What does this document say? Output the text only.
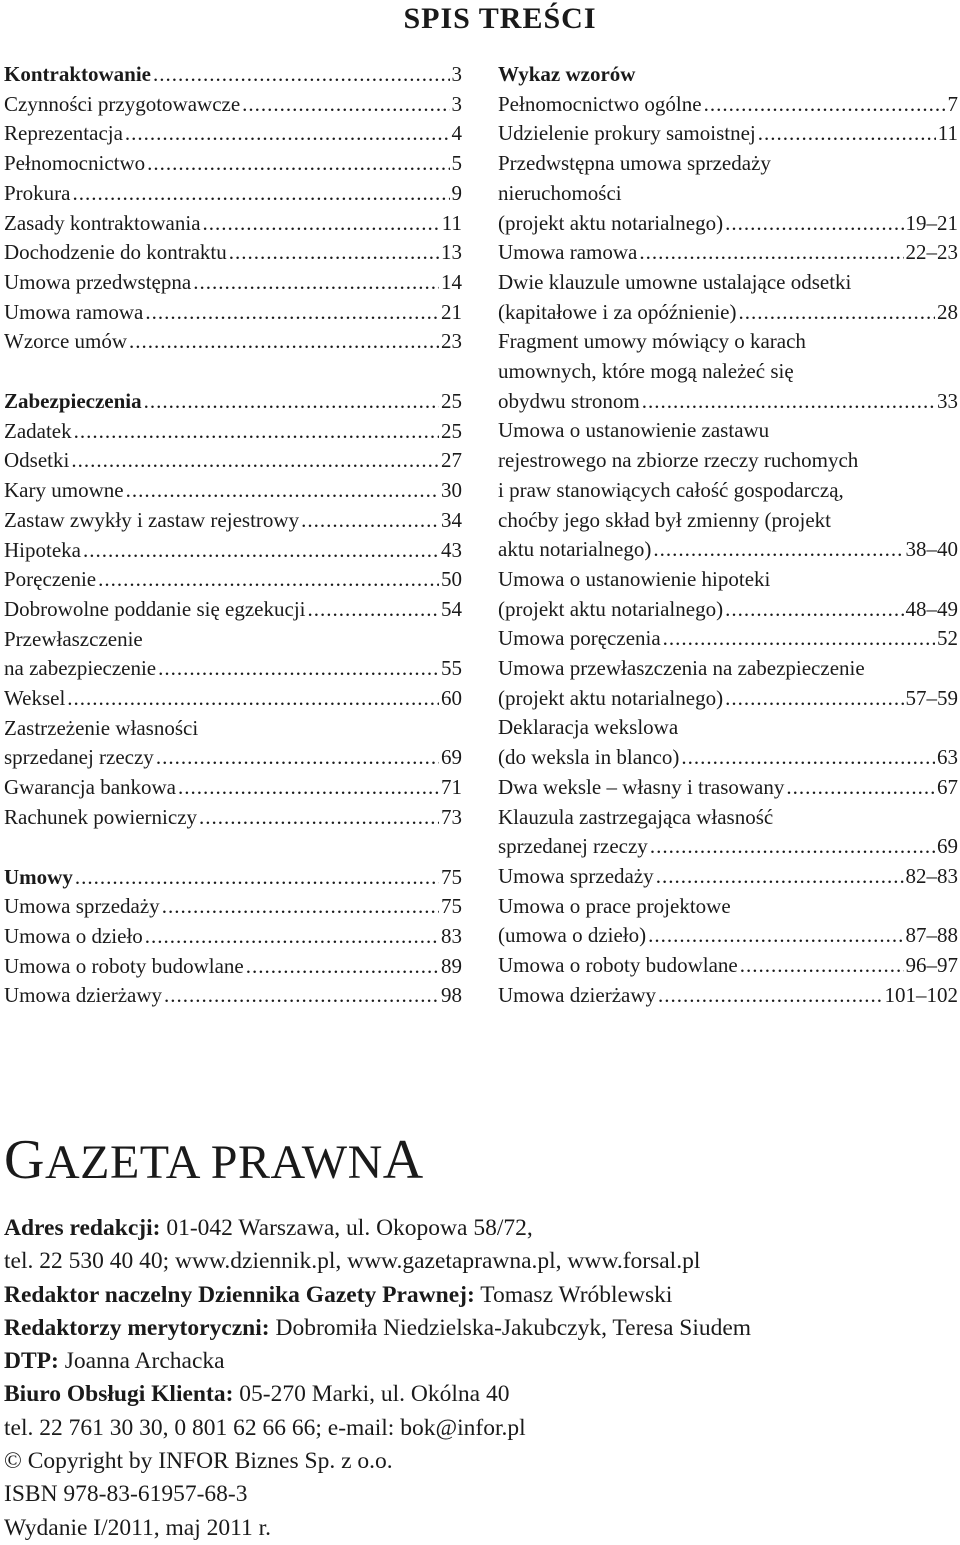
SPIS TREŚCI
Kontraktowanie .....	3
Czynności przygotowawcze .....	3
Reprezentacja .....	4
Pełnomocnictwo .....	5
Prokura .....	9
Zasady kontraktowania .....	11
Dochodzenie do kontraktu .....	13
Umowa przedwstępna .....	14
Umowa ramowa .....	21
Wzorce umów .....	23
Zabezpieczenia .....	25
Zadatek .....	25
Odsetki .....	27
Kary umowne .....	30
Zastaw zwykły i zastaw rejestrowy .....	34
Hipoteka .....	43
Poręczenie .....	50
Dobrowolne poddanie się egzekucji .....	54
Przewłaszczenie
na zabezpieczenie .....	55
Weksel .....	60
Zastrzeżenie własności
sprzedanej rzeczy .....	69
Gwarancja bankowa .....	71
Rachunek powierniczy .....	73
Umowy .....	75
Umowa sprzedaży .....	75
Umowa o dzieło .....	83
Umowa o roboty budowlane .....	89
Umowa dzierżawy .....	98
Wykaz wzorów
Pełnomocnictwo ogólne .....	7
Udzielenie prokury samoistnej .....	11
Przedwstępna umowa sprzedaży
nieruchomości
(projekt aktu notarialnego) .....	19–21
Umowa ramowa .....	22–23
Dwie klauzule umowne ustalające odsetki
(kapitałowe i za opóźnienie) .....	28
Fragment umowy mówiący o karach
umownych, które mogą należeć się
obydwu stronom .....	33
Umowa o ustanowienie zastawu
rejestrowego na zbiorze rzeczy ruchomych
i praw stanowiących całość gospodarczą,
choćby jego skład był zmienny (projekt
aktu notarialnego) .....	38–40
Umowa o ustanowienie hipoteki
(projekt aktu notarialnego) .....	48–49
Umowa poręczenia .....	52
Umowa przewłaszczenia na zabezpieczenie
(projekt aktu notarialnego) .....	57–59
Deklaracja wekslowa
(do weksla in blanco) .....	63
Dwa weksle – własny i trasowany .....	67
Klauzula zastrzegająca własność
sprzedanej rzeczy .....	69
Umowa sprzedaży .....	82–83
Umowa o prace projektowe
(umowa o dzieło) .....	87–88
Umowa o roboty budowlane .....	96–97
Umowa dzierżawy .....	101–102
GAZETA PRAWNA
Adres redakcji: 01-042 Warszawa, ul. Okopowa 58/72,
tel. 22 530 40 40; www.dziennik.pl, www.gazetaprawna.pl, www.forsal.pl
Redaktor naczelny Dziennika Gazety Prawnej: Tomasz Wróblewski
Redaktorzy merytoryczni: Dobromiła Niedzielska-Jakubczyk, Teresa Siudem
DTP: Joanna Archacka
Biuro Obsługi Klienta: 05-270 Marki, ul. Okólna 40
tel. 22 761 30 30, 0 801 62 66 66; e-mail: bok@infor.pl
© Copyright by INFOR Biznes Sp. z o.o.
ISBN 978-83-61957-68-3
Wydanie I/2011, maj 2011 r.
